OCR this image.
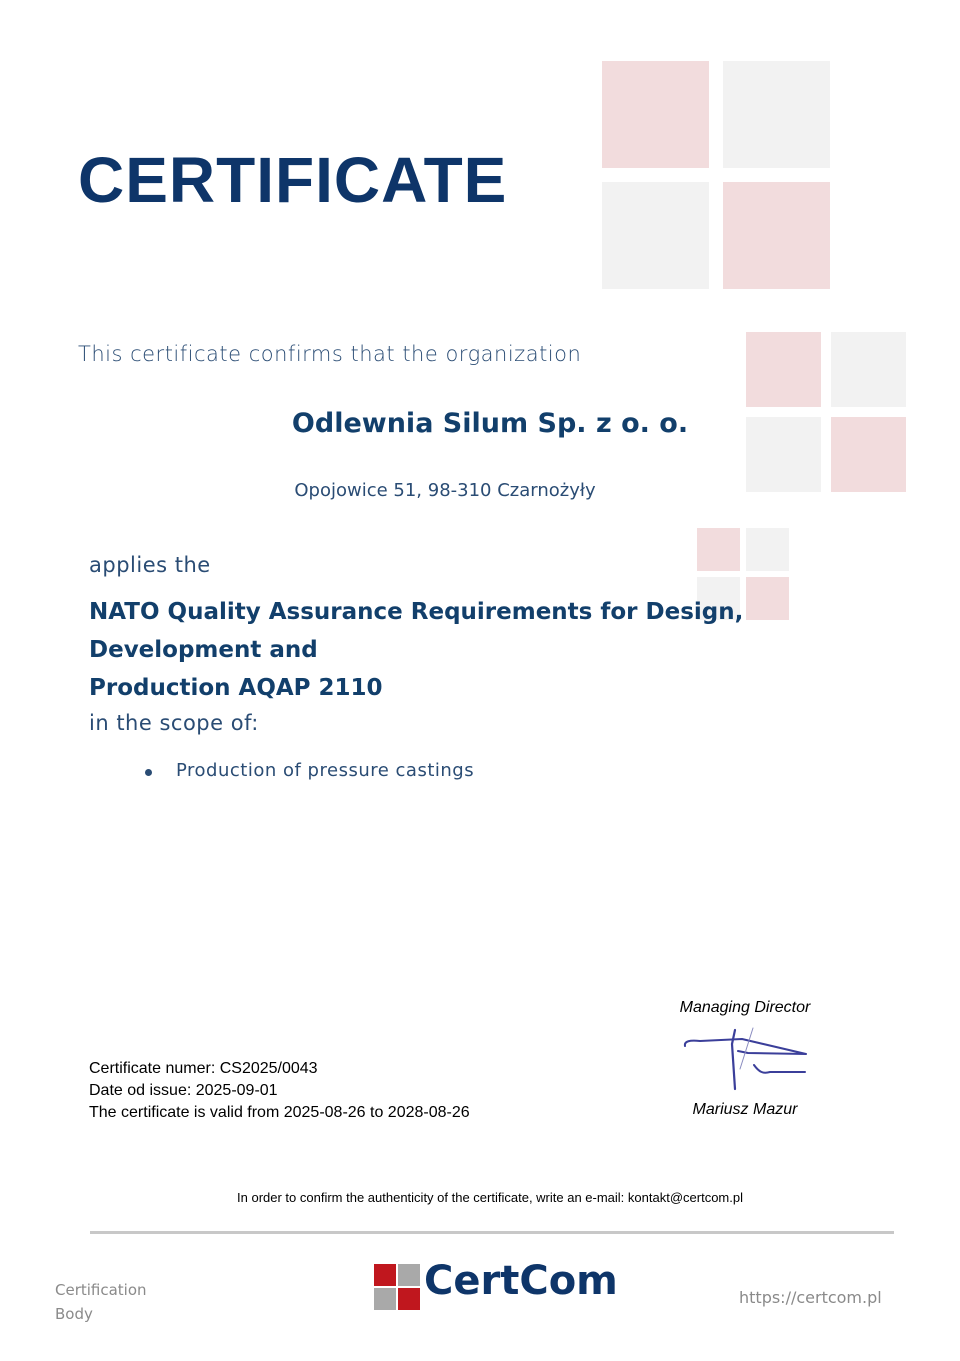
CERTIFICATE
This certificate confirms that the organization
Odlewnia Silum Sp. z o. o.
Opojowice 51, 98-310 Czarnożyły
applies the
NATO Quality Assurance Requirements for Design, Development and
Production AQAP 2110
in the scope of:
Production of pressure castings
Certificate numer: CS2025/0043
Date od issue: 2025-09-01
The certificate is valid from 2025-08-26 to 2028-08-26
Managing Director
Mariusz Mazur
In order to confirm the authenticity of the certificate, write an e-mail: kontakt@certcom.pl
Certification
Body
CertCom	https://certcom.pl
